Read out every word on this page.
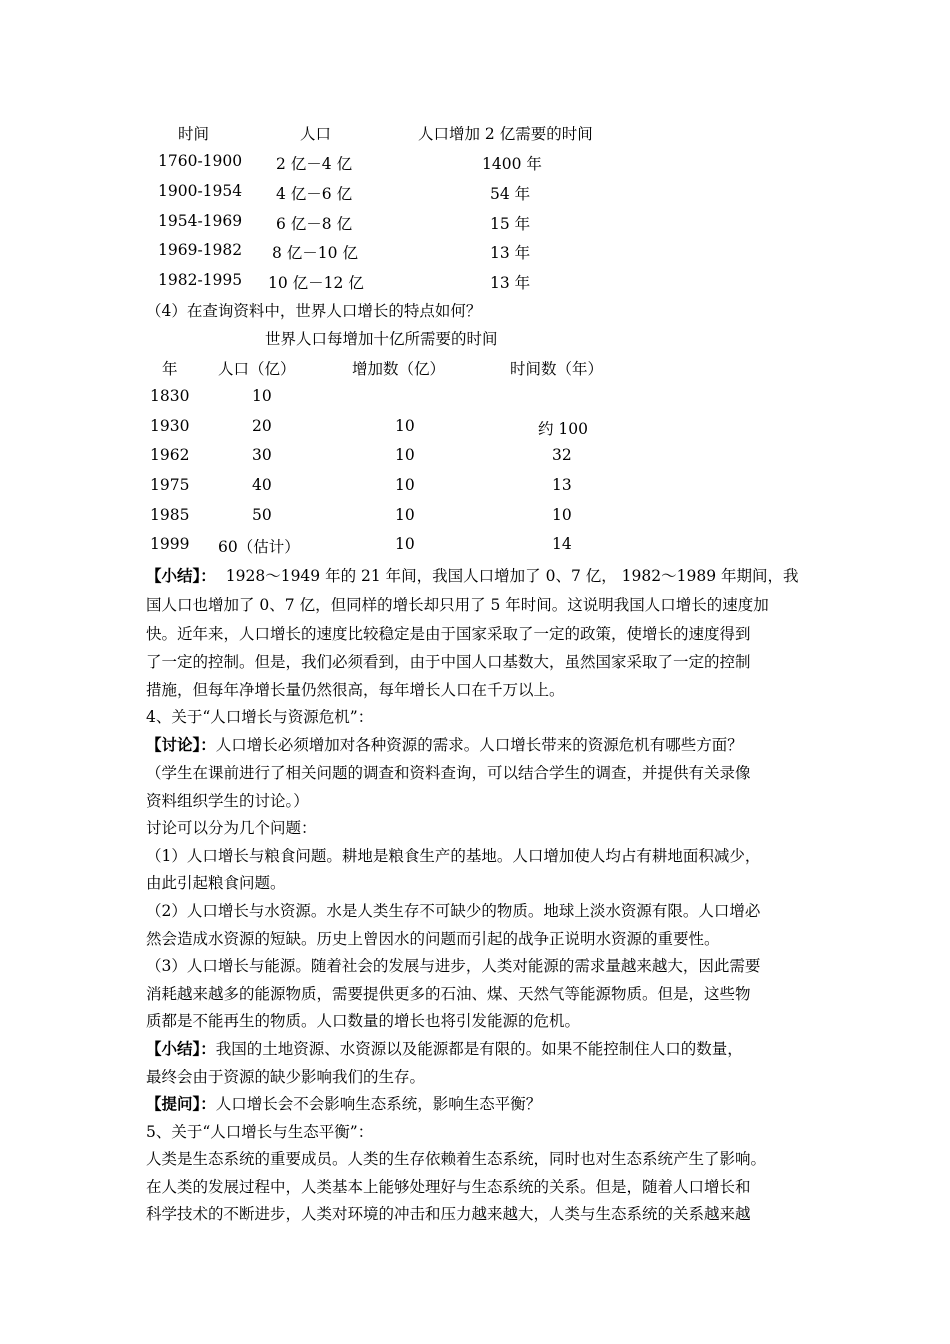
时间	人口	人口增加 2 亿需要的时间
1760-1900 2 亿－4 亿	1400 年
1900-1954 4 亿－6 亿	54 年
1954-1969 6 亿－8 亿	15 年
1969-1982 8 亿－10 亿	13 年
1982-1995 10 亿－12 亿	13 年
（4）在查询资料中，世界人口增长的特点如何？
世界人口每增加十亿所需要的时间
年	人口（亿）	增加数（亿）	时间数（年）
1830	10
1930	20	10	约 100
1962	30	10	32
1975	40	10	13
1985	50	10	10
1999 60（估计）	10	14
【小结】： 1928～1949 年的 21 年间，我国人口增加了 0、7 亿， 1982～1989 年期间，我
国人口也增加了 0、7 亿，但同样的增长却只用了 5 年时间。这说明我国人口增长的速度加
快。近年来，人口增长的速度比较稳定是由于国家采取了一定的政策，使增长的速度得到
了一定的控制。但是，我们必须看到，由于中国人口基数大，虽然国家采取了一定的控制
措施，但每年净增长量仍然很高，每年增长人口在千万以上。
4、关于“人口增长与资源危机”：
【讨论】：人口增长必须增加对各种资源的需求。人口增长带来的资源危机有哪些方面？
（学生在课前进行了相关问题的调查和资料查询，可以结合学生的调查，并提供有关录像
资料组织学生的讨论。）
讨论可以分为几个问题：
（1）人口增长与粮食问题。耕地是粮食生产的基地。人口增加使人均占有耕地面积减少，
由此引起粮食问题。
（2）人口增长与水资源。水是人类生存不可缺少的物质。地球上淡水资源有限。人口增必
然会造成水资源的短缺。历史上曾因水的问题而引起的战争正说明水资源的重要性。
（3）人口增长与能源。随着社会的发展与进步，人类对能源的需求量越来越大，因此需要
消耗越来越多的能源物质，需要提供更多的石油、煤、天然气等能源物质。但是，这些物
质都是不能再生的物质。人口数量的增长也将引发能源的危机。
【小结】：我国的土地资源、水资源以及能源都是有限的。如果不能控制住人口的数量，
最终会由于资源的缺少影响我们的生存。
【提问】：人口增长会不会影响生态系统，影响生态平衡？
5、关于“人口增长与生态平衡”：
人类是生态系统的重要成员。人类的生存依赖着生态系统，同时也对生态系统产生了影响。
在人类的发展过程中，人类基本上能够处理好与生态系统的关系。但是，随着人口增长和
科学技术的不断进步，人类对环境的冲击和压力越来越大，人类与生态系统的关系越来越
